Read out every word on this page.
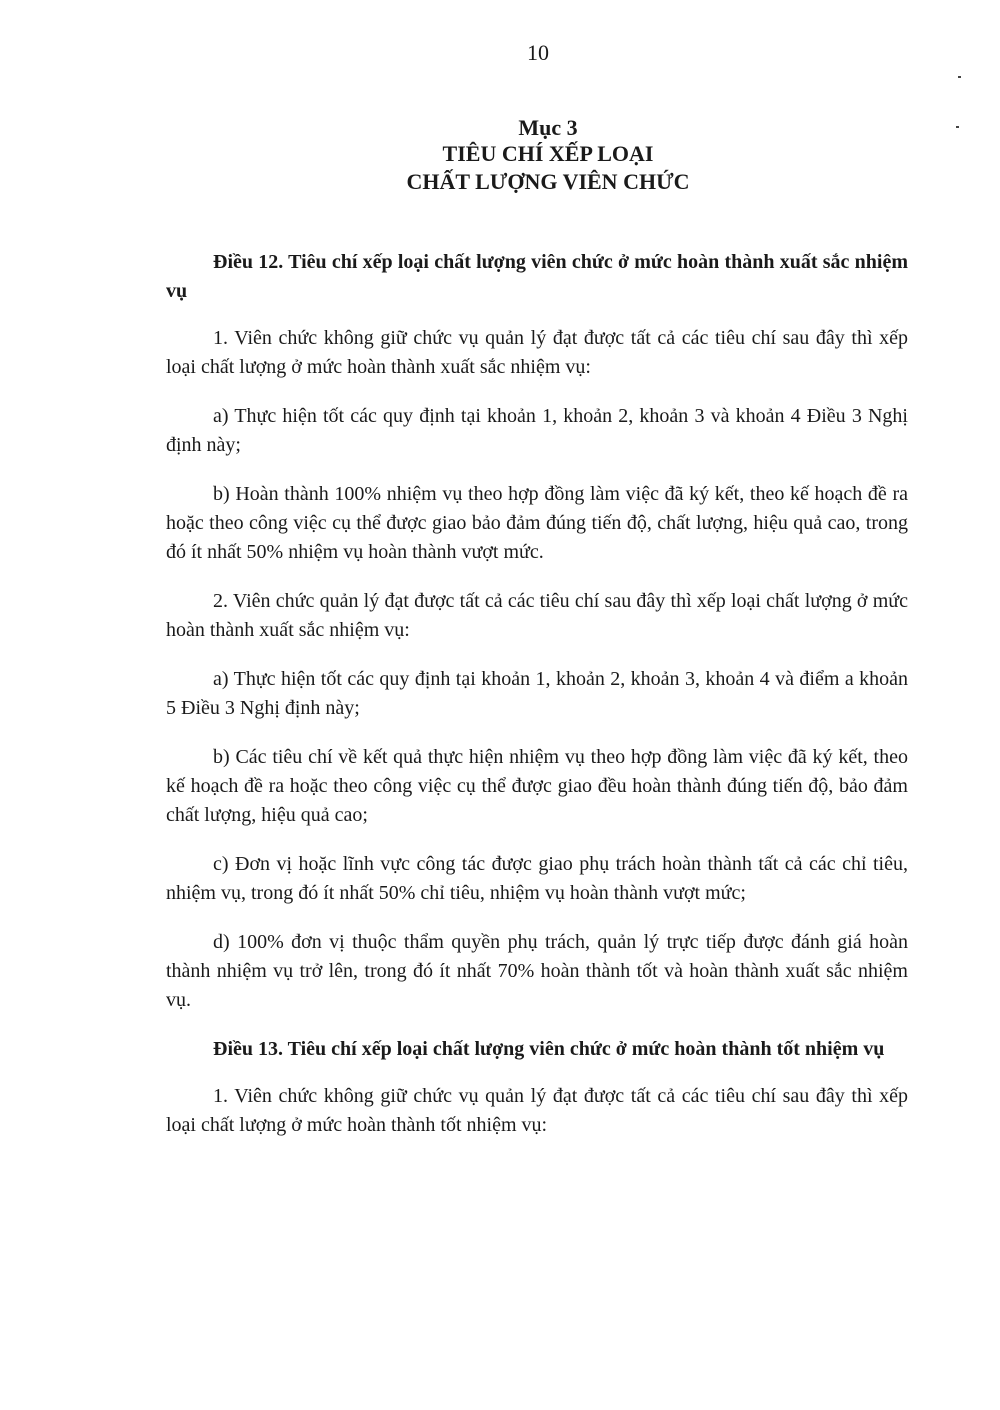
10
Mục 3
TIÊU CHÍ XẾP LOẠI
CHẤT LƯỢNG VIÊN CHỨC

Điều 12. Tiêu chí xếp loại chất lượng viên chức ở mức hoàn thành xuất sắc nhiệm vụ

1. Viên chức không giữ chức vụ quản lý đạt được tất cả các tiêu chí sau đây thì xếp loại chất lượng ở mức hoàn thành xuất sắc nhiệm vụ:

a) Thực hiện tốt các quy định tại khoản 1, khoản 2, khoản 3 và khoản 4 Điều 3 Nghị định này;

b) Hoàn thành 100% nhiệm vụ theo hợp đồng làm việc đã ký kết, theo kế hoạch đề ra hoặc theo công việc cụ thể được giao bảo đảm đúng tiến độ, chất lượng, hiệu quả cao, trong đó ít nhất 50% nhiệm vụ hoàn thành vượt mức.

2. Viên chức quản lý đạt được tất cả các tiêu chí sau đây thì xếp loại chất lượng ở mức hoàn thành xuất sắc nhiệm vụ:

a) Thực hiện tốt các quy định tại khoản 1, khoản 2, khoản 3, khoản 4 và điểm a khoản 5 Điều 3 Nghị định này;

b) Các tiêu chí về kết quả thực hiện nhiệm vụ theo hợp đồng làm việc đã ký kết, theo kế hoạch đề ra hoặc theo công việc cụ thể được giao đều hoàn thành đúng tiến độ, bảo đảm chất lượng, hiệu quả cao;

c) Đơn vị hoặc lĩnh vực công tác được giao phụ trách hoàn thành tất cả các chỉ tiêu, nhiệm vụ, trong đó ít nhất 50% chỉ tiêu, nhiệm vụ hoàn thành vượt mức;

d) 100% đơn vị thuộc thẩm quyền phụ trách, quản lý trực tiếp được đánh giá hoàn thành nhiệm vụ trở lên, trong đó ít nhất 70% hoàn thành tốt và hoàn thành xuất sắc nhiệm vụ.

Điều 13. Tiêu chí xếp loại chất lượng viên chức ở mức hoàn thành tốt nhiệm vụ

1. Viên chức không giữ chức vụ quản lý đạt được tất cả các tiêu chí sau đây thì xếp loại chất lượng ở mức hoàn thành tốt nhiệm vụ:
